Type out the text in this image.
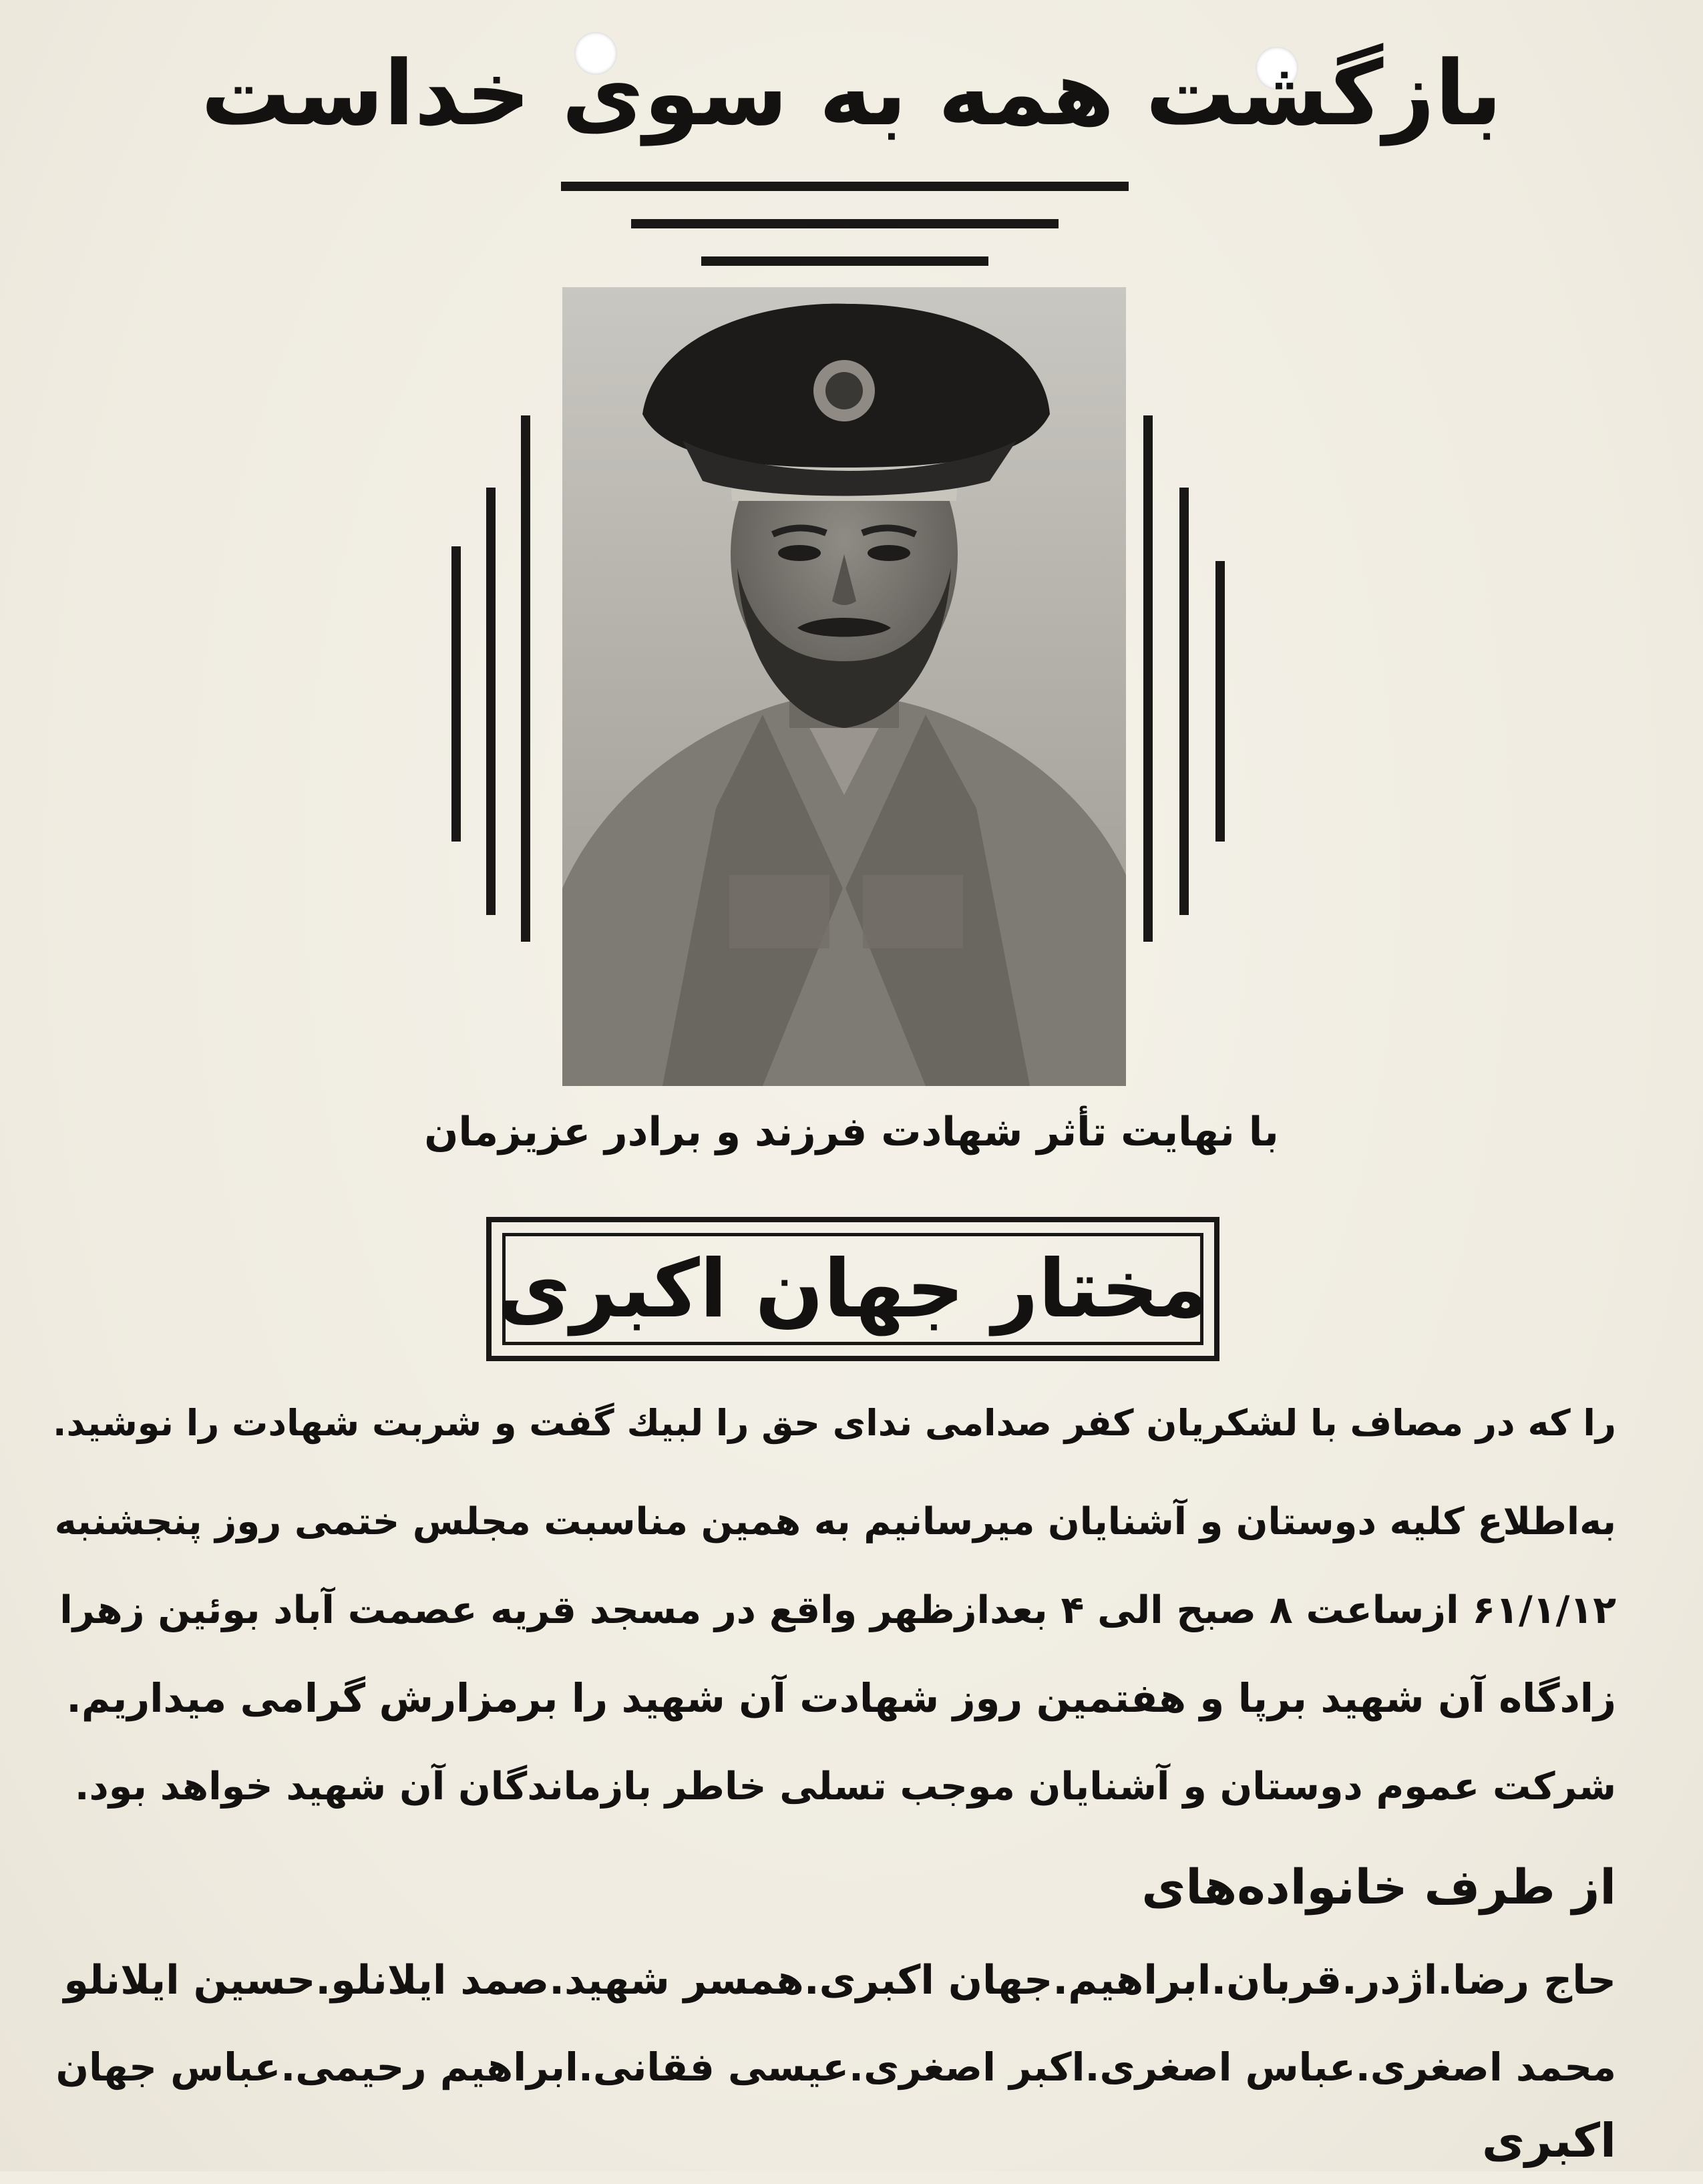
بازگشت همه به سوی خداست
با نهایت تأثر شهادت فرزند و برادر عزیزمان
مختار جهان اکبری
را که در مصاف با لشکریان کفر صدامی ندای حق را لبیك گفت و شربت شهادت را نوشید.
به‌اطلاع کلیه دوستان و آشنایان میرسانیم به همین مناسبت مجلس ختمی روز پنجشنبه
۶۱/۱/۱۲ ازساعت ۸ صبح الی ۴ بعدازظهر واقع در مسجد قریه عصمت آباد بوئین زهرا
زادگاه آن شهید برپا و هفتمین روز شهادت آن شهید را برمزارش گرامی میداریم.
شرکت عموم دوستان و آشنایان موجب تسلی خاطر بازماندگان آن شهید خواهد بود.
از طرف خانواده‌های
حاج رضا.اژدر.قربان.ابراهیم.جهان اکبری.همسر شهید.صمد ایلانلو.حسین ایلانلو
محمد اصغری.عباس اصغری.اکبر اصغری.عیسی فقانی.ابراهیم رحیمی.عباس جهان
اکبری
